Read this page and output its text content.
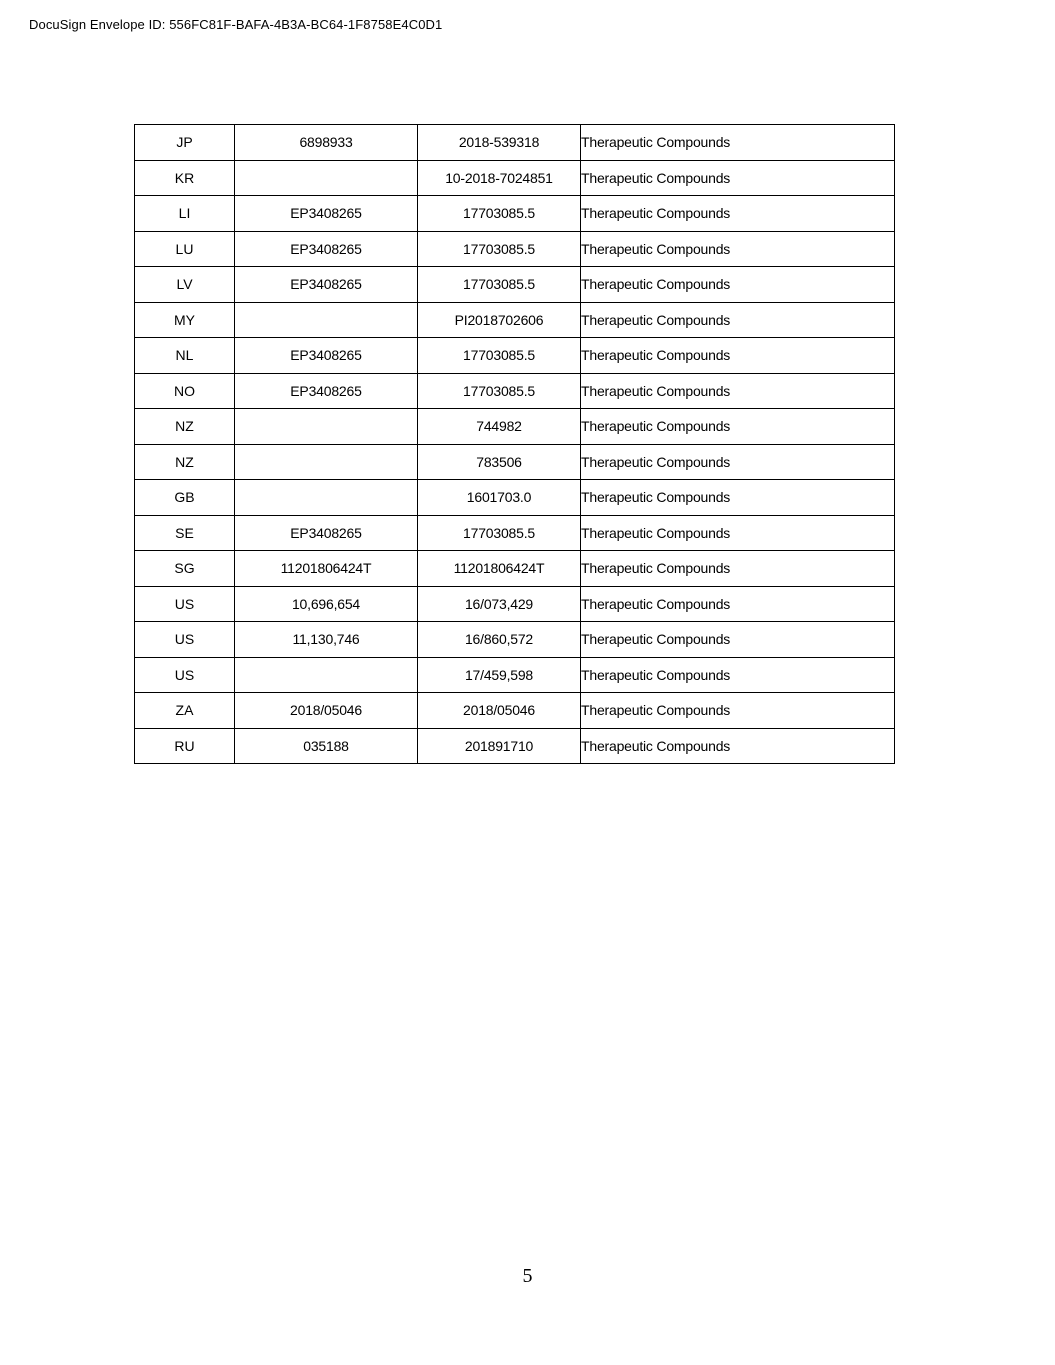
DocuSign Envelope ID: 556FC81F-BAFA-4B3A-BC64-1F8758E4C0D1
JP	6898933	2018-539318	Therapeutic Compounds
KR		10-2018-7024851	Therapeutic Compounds
LI	EP3408265	17703085.5	Therapeutic Compounds
LU	EP3408265	17703085.5	Therapeutic Compounds
LV	EP3408265	17703085.5	Therapeutic Compounds
MY		PI2018702606	Therapeutic Compounds
NL	EP3408265	17703085.5	Therapeutic Compounds
NO	EP3408265	17703085.5	Therapeutic Compounds
NZ		744982	Therapeutic Compounds
NZ		783506	Therapeutic Compounds
GB		1601703.0	Therapeutic Compounds
SE	EP3408265	17703085.5	Therapeutic Compounds
SG	11201806424T	11201806424T	Therapeutic Compounds
US	10,696,654	16/073,429	Therapeutic Compounds
US	11,130,746	16/860,572	Therapeutic Compounds
US		17/459,598	Therapeutic Compounds
ZA	2018/05046	2018/05046	Therapeutic Compounds
RU	035188	201891710	Therapeutic Compounds
5
